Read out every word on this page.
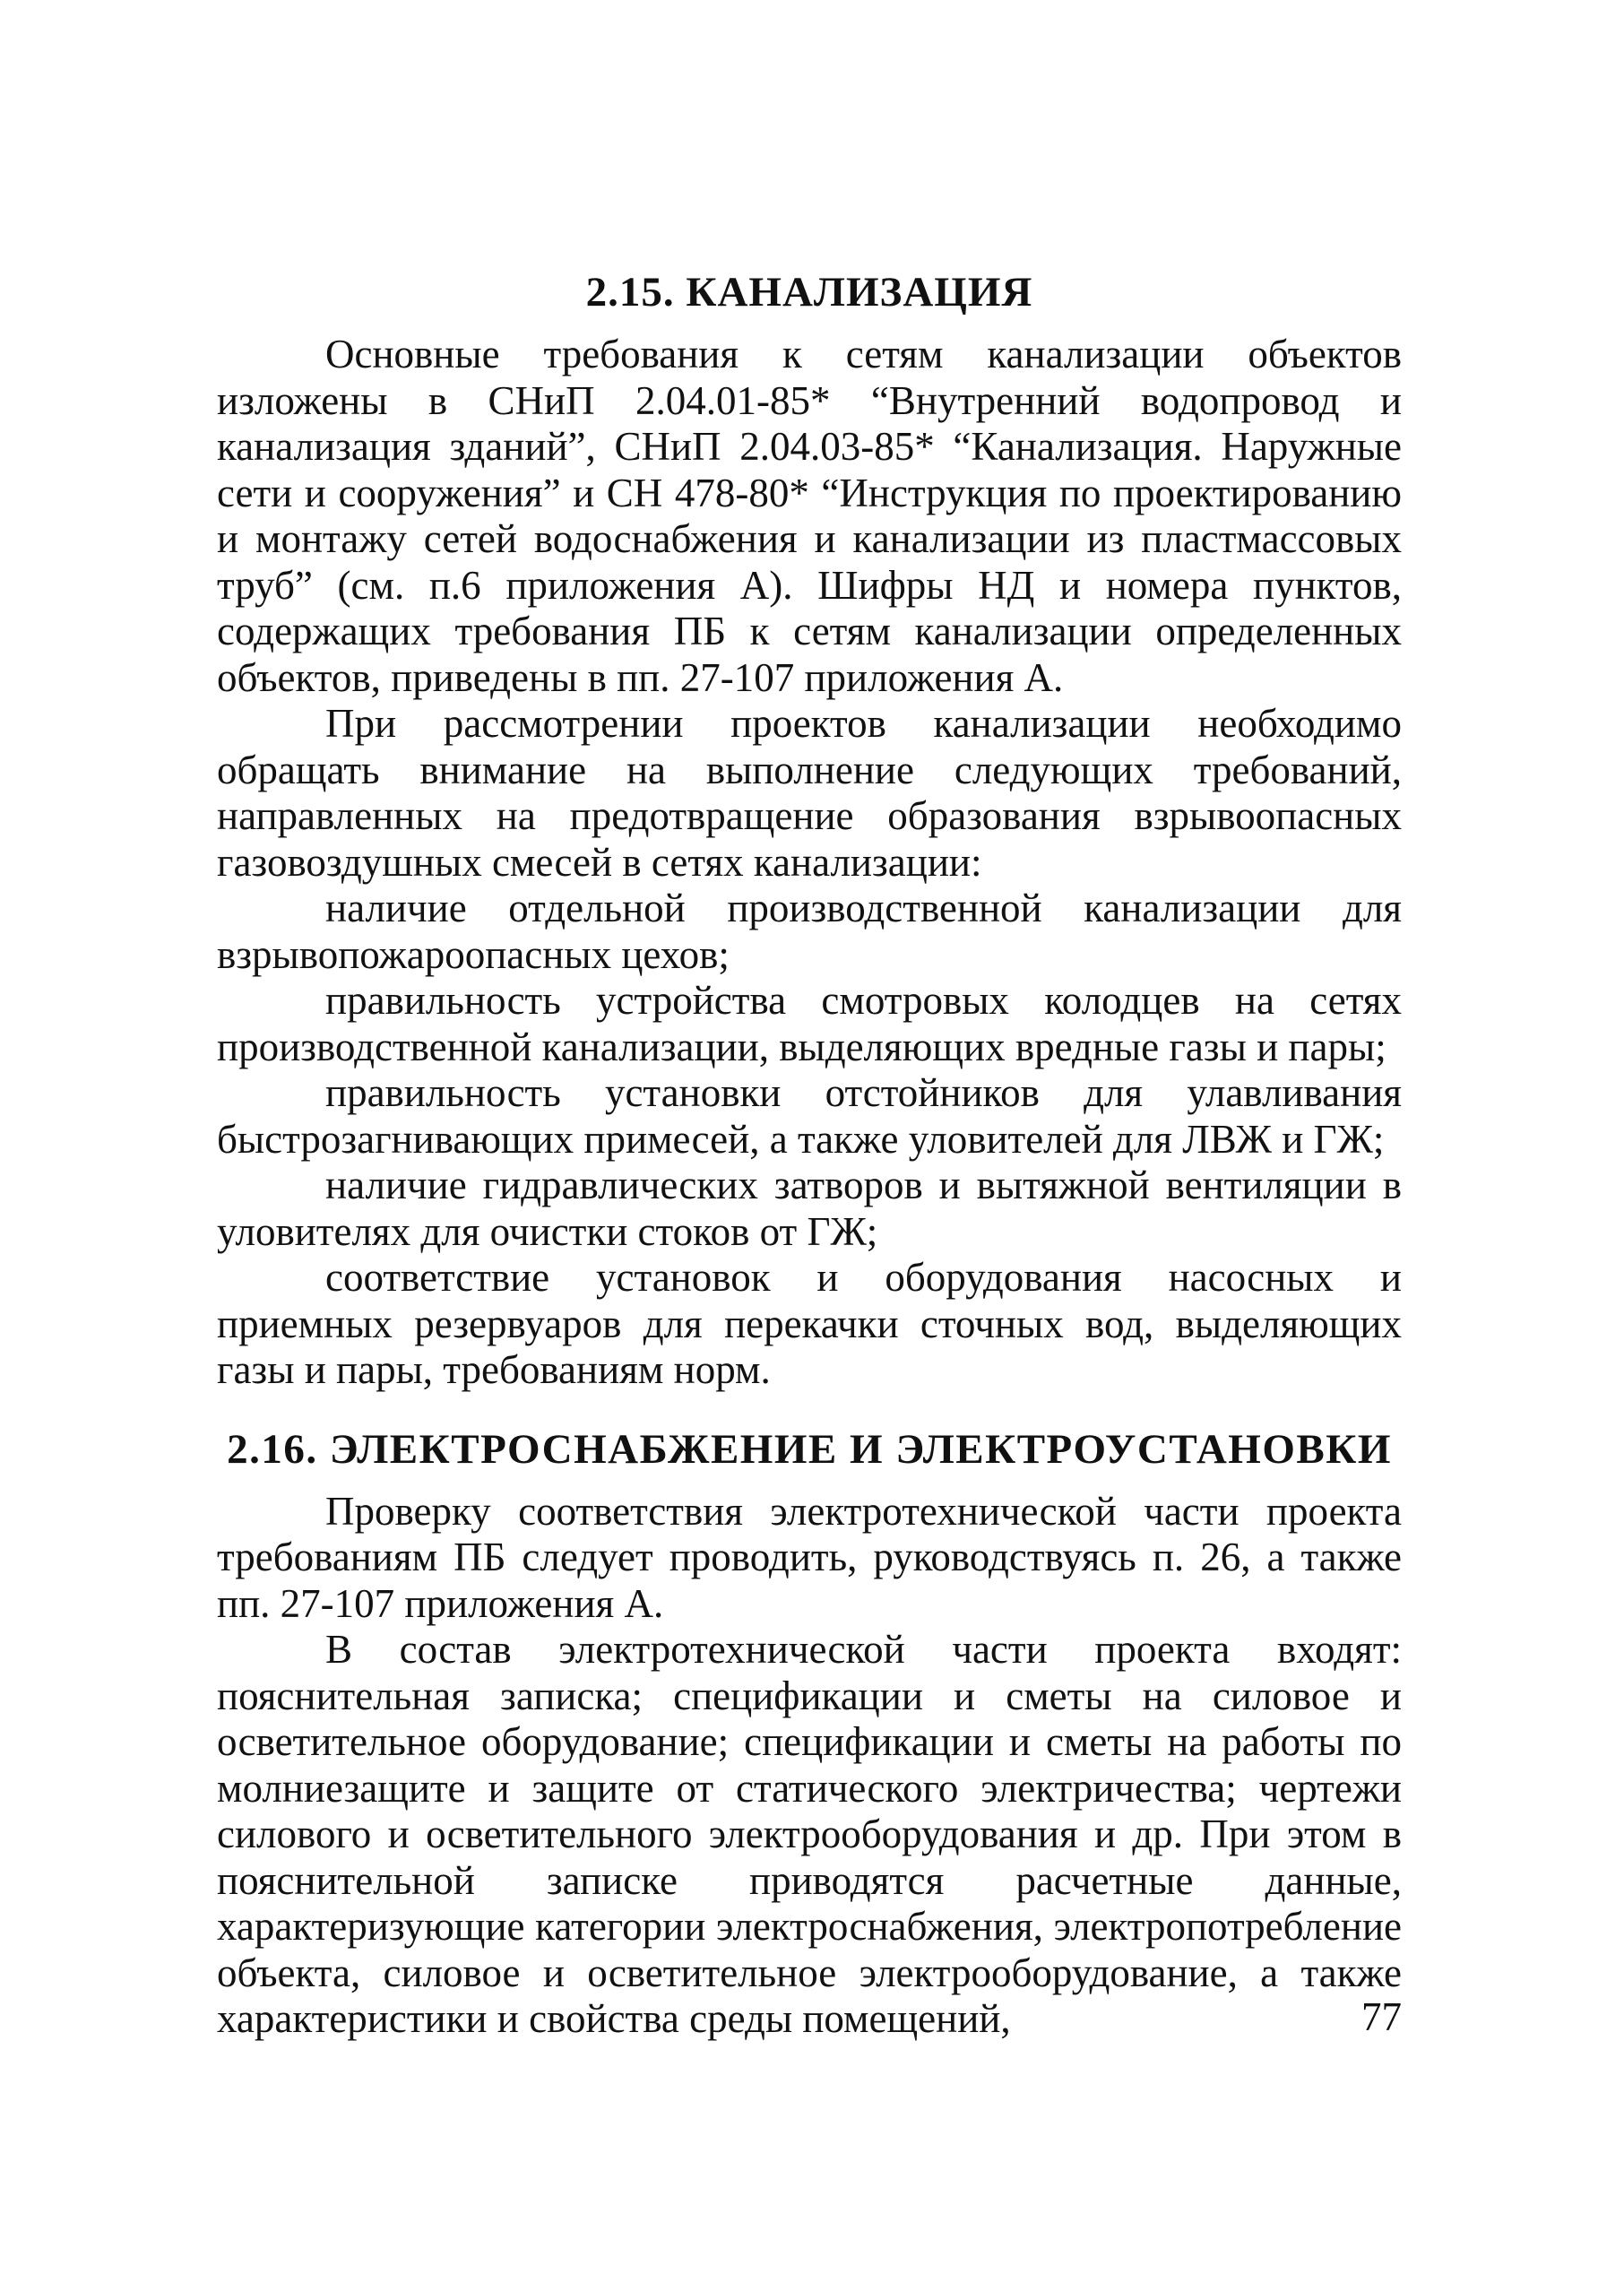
2.15. КАНАЛИЗАЦИЯ

Основные требования к сетям канализации объектов изложены в СНиП 2.04.01-85* “Внутренний водопровод и канализация зданий”, СНиП 2.04.03-85* “Канализация. Наружные сети и сооружения” и СН 478-80* “Инструкция по проектированию и монтажу сетей водоснабжения и канализации из пластмассовых труб” (см. п.6 приложения А). Шифры НД и номера пунктов, содержащих требования ПБ к сетям канализации определенных объектов, приведены в пп. 27-107 приложения А.

При рассмотрении проектов канализации необходимо обращать внимание на выполнение следующих требований, направленных на предотвращение образования взрывоопасных газовоздушных смесей в сетях канализации:

наличие отдельной производственной канализации для взрывопожароопасных цехов;

правильность устройства смотровых колодцев на сетях производственной канализации, выделяющих вредные газы и пары;

правильность установки отстойников для улавливания быстрозагнивающих примесей, а также уловителей для ЛВЖ и ГЖ;

наличие гидравлических затворов и вытяжной вентиляции в уловителях для очистки стоков от ГЖ;

соответствие установок и оборудования насосных и приемных резервуаров для перекачки сточных вод, выделяющих газы и пары, требованиям норм.

2.16. ЭЛЕКТРОСНАБЖЕНИЕ И ЭЛЕКТРОУСТАНОВКИ

Проверку соответствия электротехнической части проекта требованиям ПБ следует проводить, руководствуясь п. 26, а также пп. 27-107 приложения А.

В состав электротехнической части проекта входят: пояснительная записка; спецификации и сметы на силовое и осветительное оборудование; спецификации и сметы на работы по молниезащите и защите от статического электричества; чертежи силового и осветительного электрооборудования и др. При этом в пояснительной записке приводятся расчетные данные, характеризующие категории электроснабжения, электропотребление объекта, силовое и осветительное электрооборудование, а также характеристики и свойства среды помещений,	77
